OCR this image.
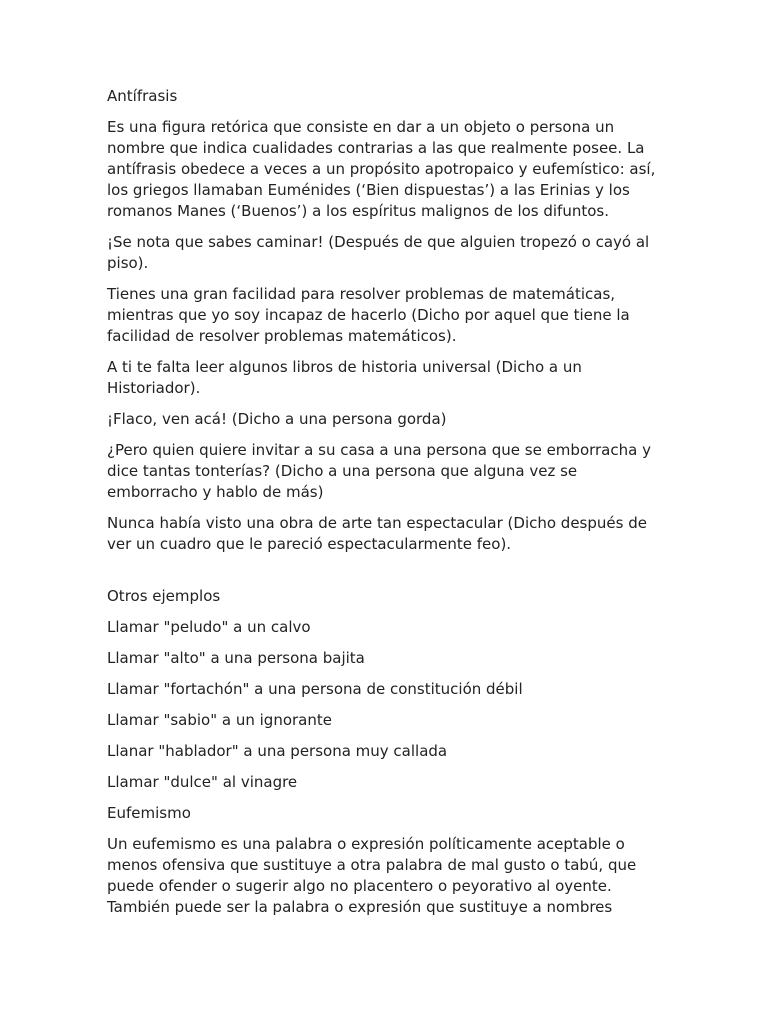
Antífrasis

Es una figura retórica que consiste en dar a un objeto o persona un nombre que indica cualidades contrarias a las que realmente posee. La antífrasis obedece a veces a un propósito apotropaico y eufemístico: así, los griegos llamaban Euménides (‘Bien dispuestas’) a las Erinias y los romanos Manes (‘Buenos’) a los espíritus malignos de los difuntos.

¡Se nota que sabes caminar! (Después de que alguien tropezó o cayó al piso).

Tienes una gran facilidad para resolver problemas de matemáticas, mientras que yo soy incapaz de hacerlo (Dicho por aquel que tiene la facilidad de resolver problemas matemáticos).

A ti te falta leer algunos libros de historia universal (Dicho a un Historiador).

¡Flaco, ven acá! (Dicho a una persona gorda)

¿Pero quien quiere invitar a su casa a una persona que se emborracha y dice tantas tonterías? (Dicho a una persona que alguna vez se emborracho y hablo de más)

Nunca había visto una obra de arte tan espectacular (Dicho después de ver un cuadro que le pareció espectacularmente feo).

Otros ejemplos

Llamar "peludo" a un calvo

Llamar "alto" a una persona bajita

Llamar "fortachón" a una persona de constitución débil

Llamar "sabio" a un ignorante

Llanar "hablador" a una persona muy callada

Llamar "dulce" al vinagre

Eufemismo

Un eufemismo es una palabra o expresión políticamente aceptable o menos ofensiva que sustituye a otra palabra de mal gusto o tabú, que puede ofender o sugerir algo no placentero o peyorativo al oyente. También puede ser la palabra o expresión que sustituye a nombres
